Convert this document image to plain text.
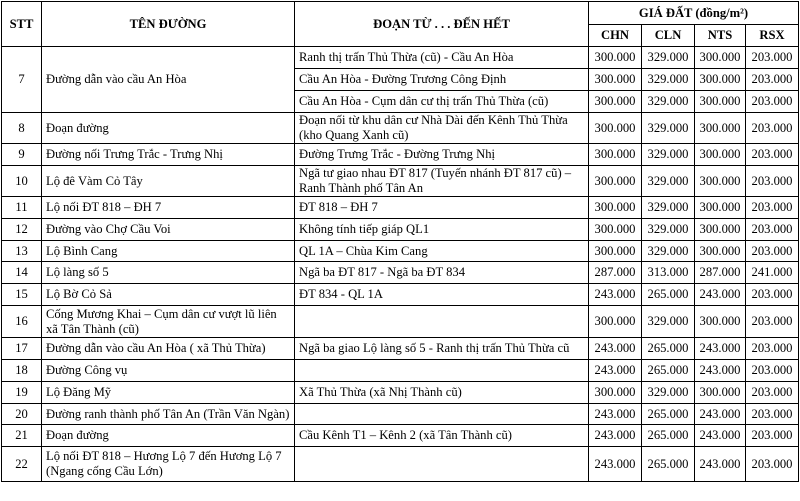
STT	TÊN ĐƯỜNG	ĐOẠN TỪ . . . ĐẾN HẾT	GIÁ ĐẤT (đồng/m²)			
			CHN	CLN	NTS	RSX
7	Đường dẫn vào cầu An Hòa	Ranh thị trấn Thủ Thừa (cũ) - Cầu An Hòa	300.000	329.000	300.000	203.000
		Cầu An Hòa - Đường Trương Công Định	300.000	329.000	300.000	203.000
		Cầu An Hòa - Cụm dân cư thị trấn Thủ Thừa (cũ)	300.000	329.000	300.000	203.000
8	Đoạn đường	Đoạn nối từ khu dân cư Nhà Dài đến Kênh Thủ Thừa (kho Quang Xanh cũ)	300.000	329.000	300.000	203.000
9	Đường nối Trưng Trắc - Trưng Nhị	Đường Trưng Trắc - Đường Trưng Nhị	300.000	329.000	300.000	203.000
10	Lộ đê Vàm Cỏ Tây	Ngã tư giao nhau ĐT 817 (Tuyến nhánh ĐT 817 cũ) – Ranh Thành phố Tân An	300.000	329.000	300.000	203.000
11	Lộ nối ĐT 818 – ĐH 7	ĐT 818 – ĐH 7	300.000	329.000	300.000	203.000
12	Đường vào Chợ Cầu Voi	Không tính tiếp giáp QL1	300.000	329.000	300.000	203.000
13	Lộ Bình Cang	QL 1A – Chùa Kim Cang	300.000	329.000	300.000	203.000
14	Lộ làng số 5	Ngã ba ĐT 817 - Ngã ba ĐT 834	287.000	313.000	287.000	241.000
15	Lộ Bờ Cỏ Sả	ĐT 834 - QL 1A	243.000	265.000	243.000	203.000
16	Cống Mương Khai – Cụm dân cư vượt lũ liên xã Tân Thành (cũ)		300.000	329.000	300.000	203.000
17	Đường dẫn vào cầu An Hòa ( xã Thủ Thừa)	Ngã ba giao Lộ làng số 5 - Ranh thị trấn Thủ Thừa cũ	243.000	265.000	243.000	203.000
18	Đường Công vụ		243.000	265.000	243.000	203.000
19	Lộ Đăng Mỹ	Xã Thủ Thừa (xã Nhị Thành cũ)	300.000	329.000	300.000	203.000
20	Đường ranh thành phố Tân An (Trần Văn Ngàn)		243.000	265.000	243.000	203.000
21	Đoạn đường	Cầu Kênh T1 – Kênh 2 (xã Tân Thành cũ)	243.000	265.000	243.000	203.000
22	Lộ nối ĐT 818 – Hương Lộ 7 đến Hương Lộ 7 (Ngang cống Cầu Lớn)		243.000	265.000	243.000	203.000
